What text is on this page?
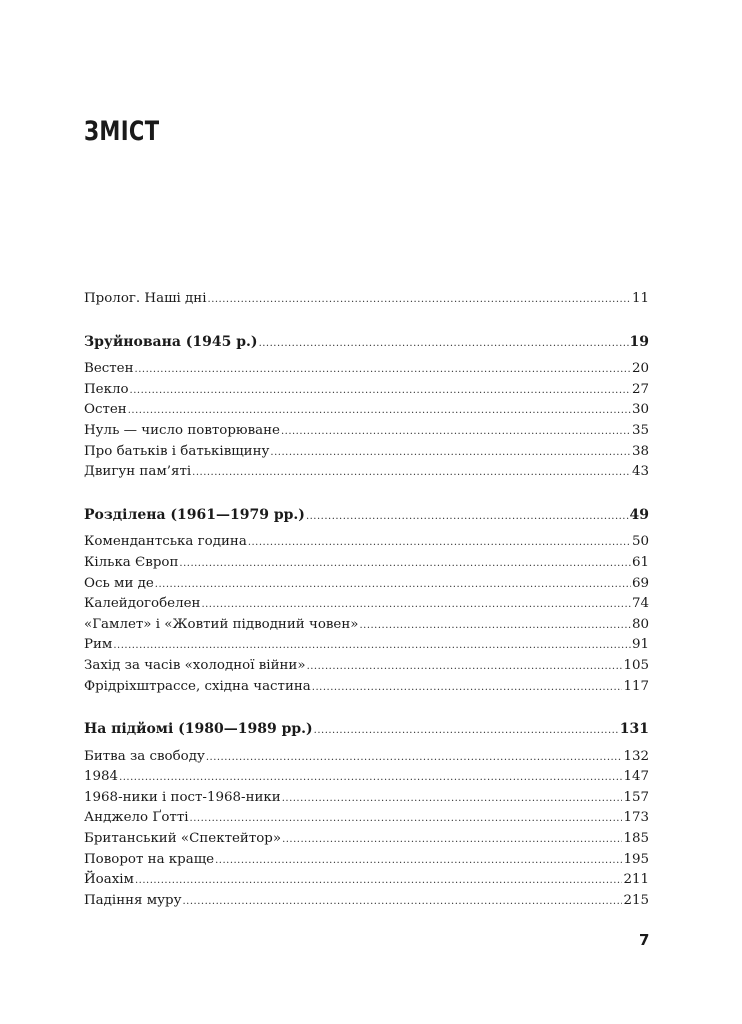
ЗМІСТ
Пролог. Наші дні .....	11
Зруйнована (1945 р.) .....	19
Вестен .....	20
Пекло .....	27
Остен .....	30
Нуль — число повторюване .....	35
Про батьків і батьківщину .....	38
Двигун пам’яті .....	43
Розділена (1961—1979 рр.) .....	49
Комендантська година .....	50
Кілька Європ .....	61
Ось ми де .....	69
Калейдогобелен .....	74
«Гамлет» і «Жовтий підводний човен» .....	80
Рим .....	91
Захід за часів «холодної війни» .....	105
Фрідріхштрассе, східна частина .....	117
На підйомі (1980—1989 рр.) .....	131
Битва за свободу .....	132
1984 .....	147
1968-ники і пост-1968-ники .....	157
Анджело Ґотті .....	173
Британський «Спектейтор» .....	185
Поворот на краще .....	195
Йоахім .....	211
Падіння муру .....	215
7
